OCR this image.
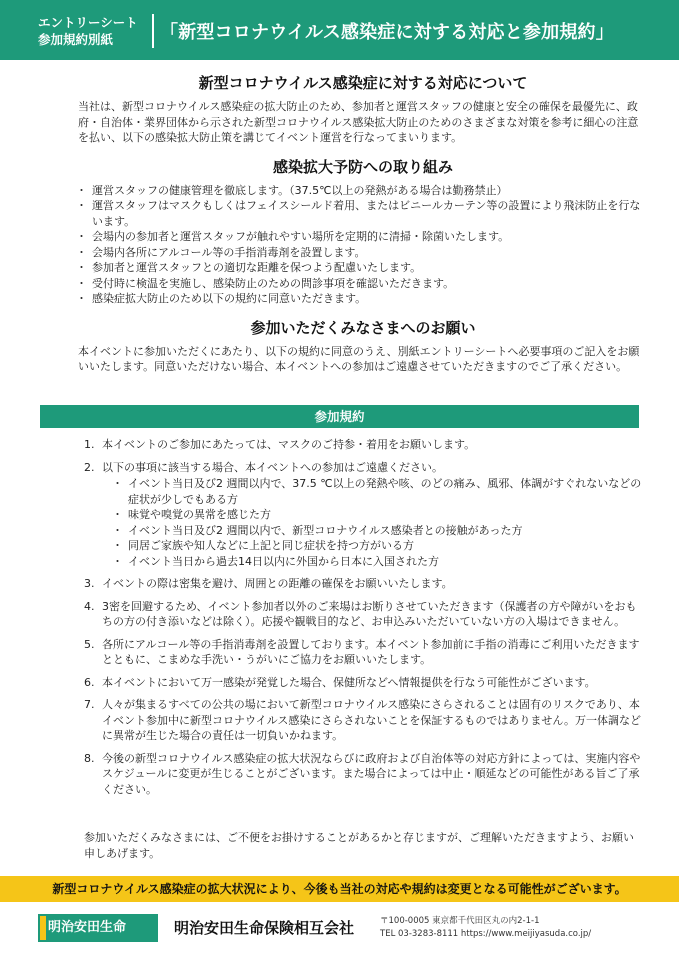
エントリーシート
参加規約別紙	「新型コロナウイルス感染症に対する対応と参加規約」
新型コロナウイルス感染症に対する対応について

当社は、新型コロナウイルス感染症の拡大防止のため、参加者と運営スタッフの健康と安全の確保を最優先に、政府・自治体・業界団体から示された新型コロナウイルス感染拡大防止のためのさまざまな対策を参考に細心の注意を払い、以下の感染拡大防止策を講じてイベント運営を行なってまいります。

感染拡大予防への取り組み
・ 運営スタッフの健康管理を徹底します。（37.5℃以上の発熱がある場合は勤務禁止）
・ 運営スタッフはマスクもしくはフェイスシールド着用、またはビニールカーテン等の設置により飛沫防止を行ないます。
・ 会場内の参加者と運営スタッフが触れやすい場所を定期的に清掃・除菌いたします。
・ 会場内各所にアルコール等の手指消毒剤を設置します。
・ 参加者と運営スタッフとの適切な距離を保つよう配慮いたします。
・ 受付時に検温を実施し、感染防止のための問診事項を確認いただきます。
・ 感染症拡大防止のため以下の規約に同意いただきます。
参加いただくみなさまへのお願い

本イベントに参加いただくにあたり、以下の規約に同意のうえ、別紙エントリーシートへ必要事項のご記入をお願いいたします。同意いただけない場合、本イベントへの参加はご遠慮させていただきますのでご了承ください。

参加規約
1. 本イベントのご参加にあたっては、マスクのご持参・着用をお願いします。
2. 以下の事項に該当する場合、本イベントへの参加はご遠慮ください。
・ イベント当日及び2 週間以内で、37.5 ℃以上の発熱や咳、のどの痛み、風邪、体調がすぐれないなどの症状が少しでもある方
・ 味覚や嗅覚の異常を感じた方
・ イベント当日及び2 週間以内で、新型コロナウイルス感染者との接触があった方
・ 同居ご家族や知人などに上記と同じ症状を持つ方がいる方
・ イベント当日から過去14日以内に外国から日本に入国された方
3. イベントの際は密集を避け、周囲との距離の確保をお願いいたします。
4. 3密を回避するため、イベント参加者以外のご来場はお断りさせていただきます（保護者の方や障がいをおもちの方の付き添いなどは除く）。応援や観戦目的など、お申込みいただいていない方の入場はできません。
5. 各所にアルコール等の手指消毒剤を設置しております。本イベント参加前に手指の消毒にご利用いただきますとともに、こまめな手洗い・うがいにご協力をお願いいたします。
6. 本イベントにおいて万一感染が発覚した場合、保健所などへ情報提供を行なう可能性がございます。
7. 人々が集まるすべての公共の場において新型コロナウイルス感染にさらされることは固有のリスクであり、本イベント参加中に新型コロナウイルス感染にさらされないことを保証するものではありません。万一体調などに異常が生じた場合の責任は一切負いかねます。
8. 今後の新型コロナウイルス感染症の拡大状況ならびに政府および自治体等の対応方針によっては、実施内容やスケジュールに変更が生じることがございます。また場合によっては中止・順延などの可能性がある旨ご了承ください。
参加いただくみなさまには、ご不便をお掛けすることがあるかと存じますが、ご理解いただきますよう、お願い申しあげます。
新型コロナウイルス感染症の拡大状況により、今後も当社の対応や規約は変更となる可能性がございます。
明治安田生命	明治安田生命保険相互会社	〒100-0005 東京都千代田区丸の内2-1-1
TEL 03-3283-8111 https://www.meijiyasuda.co.jp/
